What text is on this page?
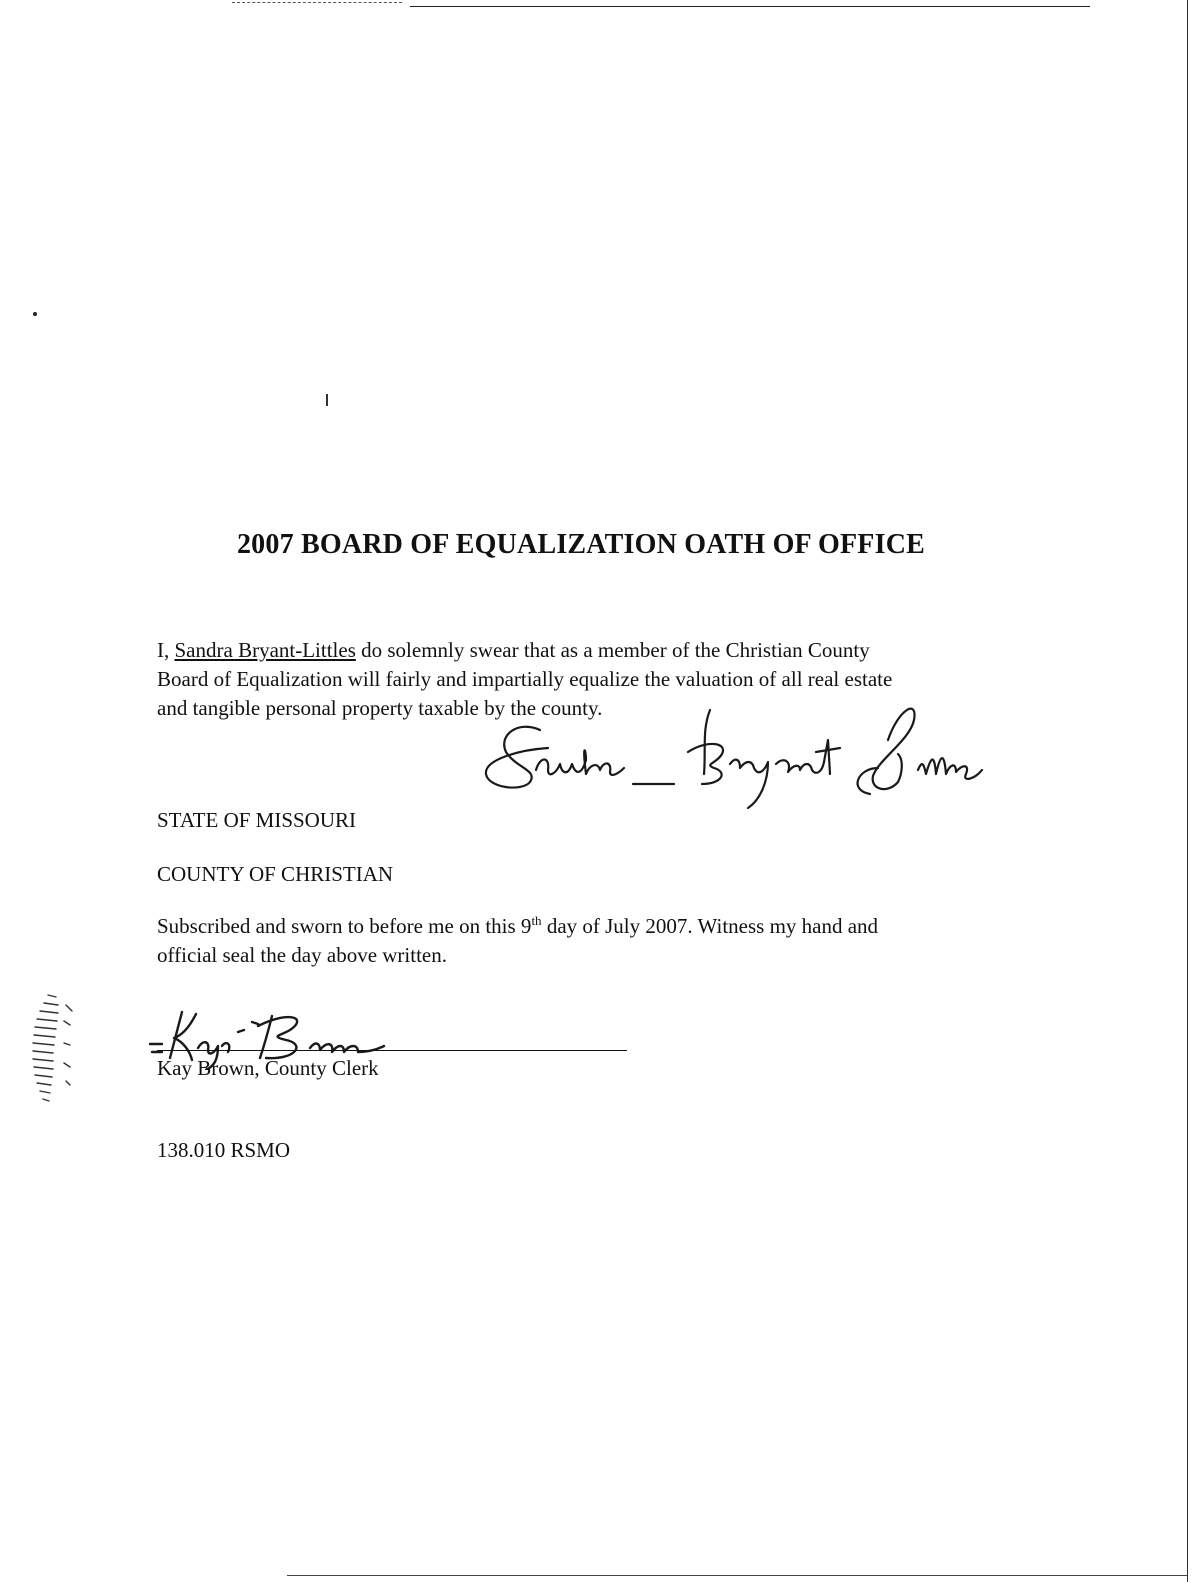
2007 BOARD OF EQUALIZATION OATH OF OFFICE
I, Sandra Bryant-Littles do solemnly swear that as a member of the Christian County
Board of Equalization will fairly and impartially equalize the valuation of all real estate
and tangible personal property taxable by the county.
STATE OF MISSOURI
COUNTY OF CHRISTIAN
Subscribed and sworn to before me on this 9th day of July 2007. Witness my hand and
official seal the day above written.
Kay Brown, County Clerk
138.010 RSMO
